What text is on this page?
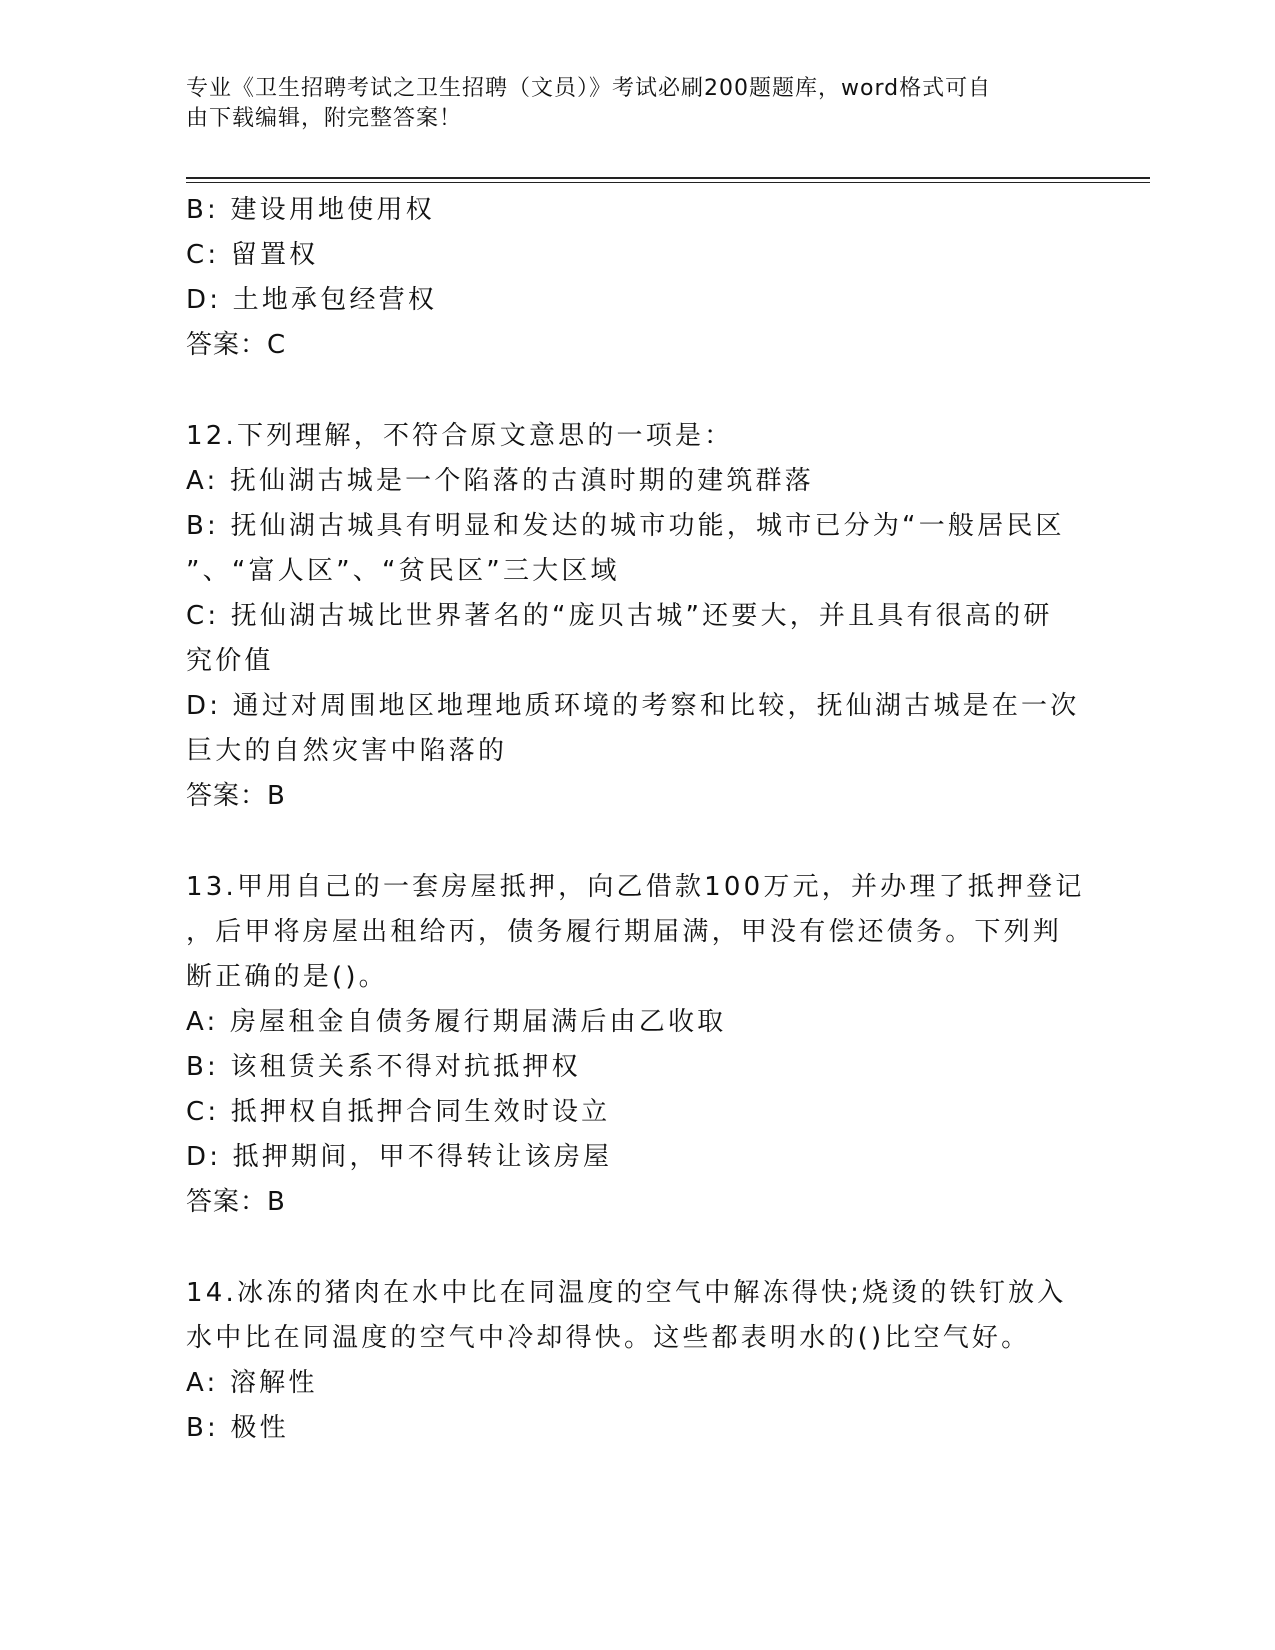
专业《卫生招聘考试之卫生招聘（文员）》考试必刷200题题库，word格式可自
由下载编辑，附完整答案！

B: 建设用地使用权

C: 留置权

D: 土地承包经营权

答案：C

12.下列理解，不符合原文意思的一项是：

A: 抚仙湖古城是一个陷落的古滇时期的建筑群落

B: 抚仙湖古城具有明显和发达的城市功能，城市已分为“一般居民区

”、“富人区”、“贫民区”三大区域

C: 抚仙湖古城比世界著名的“庞贝古城”还要大，并且具有很高的研

究价值

D: 通过对周围地区地理地质环境的考察和比较，抚仙湖古城是在一次

巨大的自然灾害中陷落的

答案：B

13.甲用自己的一套房屋抵押，向乙借款100万元，并办理了抵押登记

，后甲将房屋出租给丙，债务履行期届满，甲没有偿还债务。下列判

断正确的是()。

A: 房屋租金自债务履行期届满后由乙收取

B: 该租赁关系不得对抗抵押权

C: 抵押权自抵押合同生效时设立

D: 抵押期间，甲不得转让该房屋

答案：B

14.冰冻的猪肉在水中比在同温度的空气中解冻得快;烧烫的铁钉放入

水中比在同温度的空气中冷却得快。这些都表明水的()比空气好。

A: 溶解性

B: 极性
